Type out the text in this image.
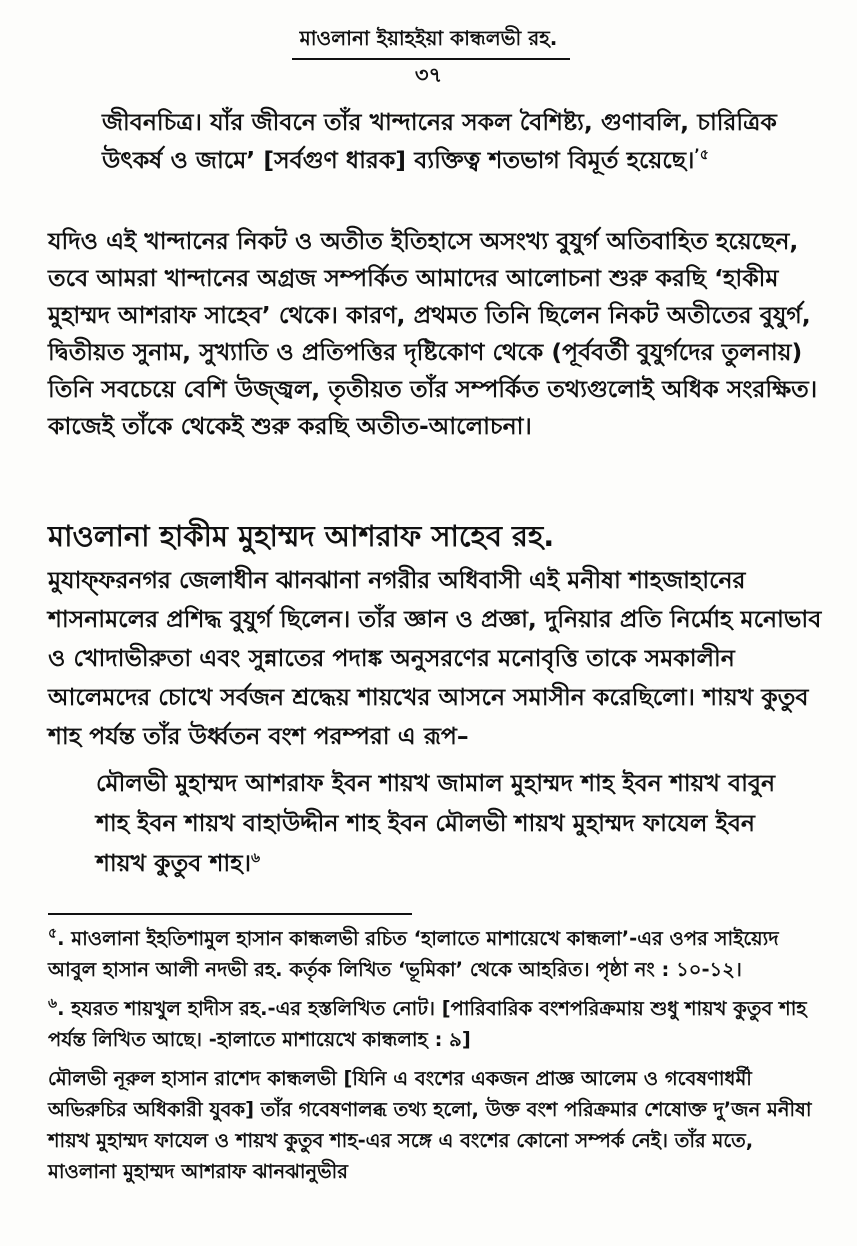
মাওলানা ইয়াহইয়া কান্ধলভী রহ.
৩৭

জীবনচিত্র। যাঁর জীবনে তাঁর খান্দানের সকল বৈশিষ্ট্য, গুণাবলি, চারিত্রিক উৎকর্ষ ও জামে’ [সর্বগুণ ধারক] ব্যক্তিত্ব শতভাগ বিমূর্ত হয়েছে।$^{’৫}$

যদিও এই খান্দানের নিকট ও অতীত ইতিহাসে অসংখ্য বুযুর্গ অতিবাহিত হয়েছেন, তবে আমরা খান্দানের অগ্রজ সম্পর্কিত আমাদের আলোচনা শুরু করছি ‘হাকীম মুহাম্মদ আশরাফ সাহেব’ থেকে। কারণ, প্রথমত তিনি ছিলেন নিকট অতীতের বুযুর্গ, দ্বিতীয়ত সুনাম, সুখ্যাতি ও প্রতিপত্তির দৃষ্টিকোণ থেকে (পূর্ববর্তী বুযুর্গদের তুলনায়) তিনি সবচেয়ে বেশি উজ্জ্বল, তৃতীয়ত তাঁর সম্পর্কিত তথ্যগুলোই অধিক সংরক্ষিত। কাজেই তাঁকে থেকেই শুরু করছি অতীত-আলোচনা।

মাওলানা হাকীম মুহাম্মদ আশরাফ সাহেব রহ.

মুযাফ্ফরনগর জেলাধীন ঝানঝানা নগরীর অধিবাসী এই মনীষা শাহজাহানের শাসনামলের প্রশিদ্ধ বুযুর্গ ছিলেন। তাঁর জ্ঞান ও প্রজ্ঞা, দুনিয়ার প্রতি নির্মোহ মনোভাব ও খোদাভীরুতা এবং সুন্নাতের পদাঙ্ক অনুসরণের মনোবৃত্তি তাকে সমকালীন আলেমদের চোখে সর্বজন শ্রদ্ধেয় শায়খের আসনে সমাসীন করেছিলো। শায়খ কুতুব শাহ পর্যন্ত তাঁর উর্ধ্বতন বংশ পরম্পরা এ রূপ–

মৌলভী মুহাম্মদ আশরাফ ইবন শায়খ জামাল মুহাম্মদ শাহ ইবন শায়খ বাবুন শাহ ইবন শায়খ বাহাউদ্দীন শাহ ইবন মৌলভী শায়খ মুহাম্মদ ফাযেল ইবন শায়খ কুতুব শাহ।$^৬$

$^৫$. মাওলানা ইহতিশামুল হাসান কান্ধলভী রচিত ‘হালাতে মাশায়েখে কান্ধলা’-এর ওপর সাইয়্যেদ আবুল হাসান আলী নদভী রহ. কর্তৃক লিখিত ‘ভূমিকা’ থেকে আহরিত। পৃষ্ঠা নং : ১০-১২।

$^৬$. হযরত শায়খুল হাদীস রহ.-এর হস্তলিখিত নোট। [পারিবারিক বংশপরিক্রমায় শুধু শায়খ কুতুব শাহ পর্যন্ত লিখিত আছে। -হালাতে মাশায়েখে কান্ধলাহ : ৯]

মৌলভী নূরুল হাসান রাশেদ কান্ধলভী [যিনি এ বংশের একজন প্রাজ্ঞ আলেম ও গবেষণাধর্মী অভিরুচির অধিকারী যুবক] তাঁর গবেষণালব্ধ তথ্য হলো, উক্ত বংশ পরিক্রমার শেষোক্ত দু’জন মনীষা শায়খ মুহাম্মদ ফাযেল ও শায়খ কুতুব শাহ-এর সঙ্গে এ বংশের কোনো সম্পর্ক নেই। তাঁর মতে, মাওলানা মুহাম্মদ আশরাফ ঝানঝানুভীর
